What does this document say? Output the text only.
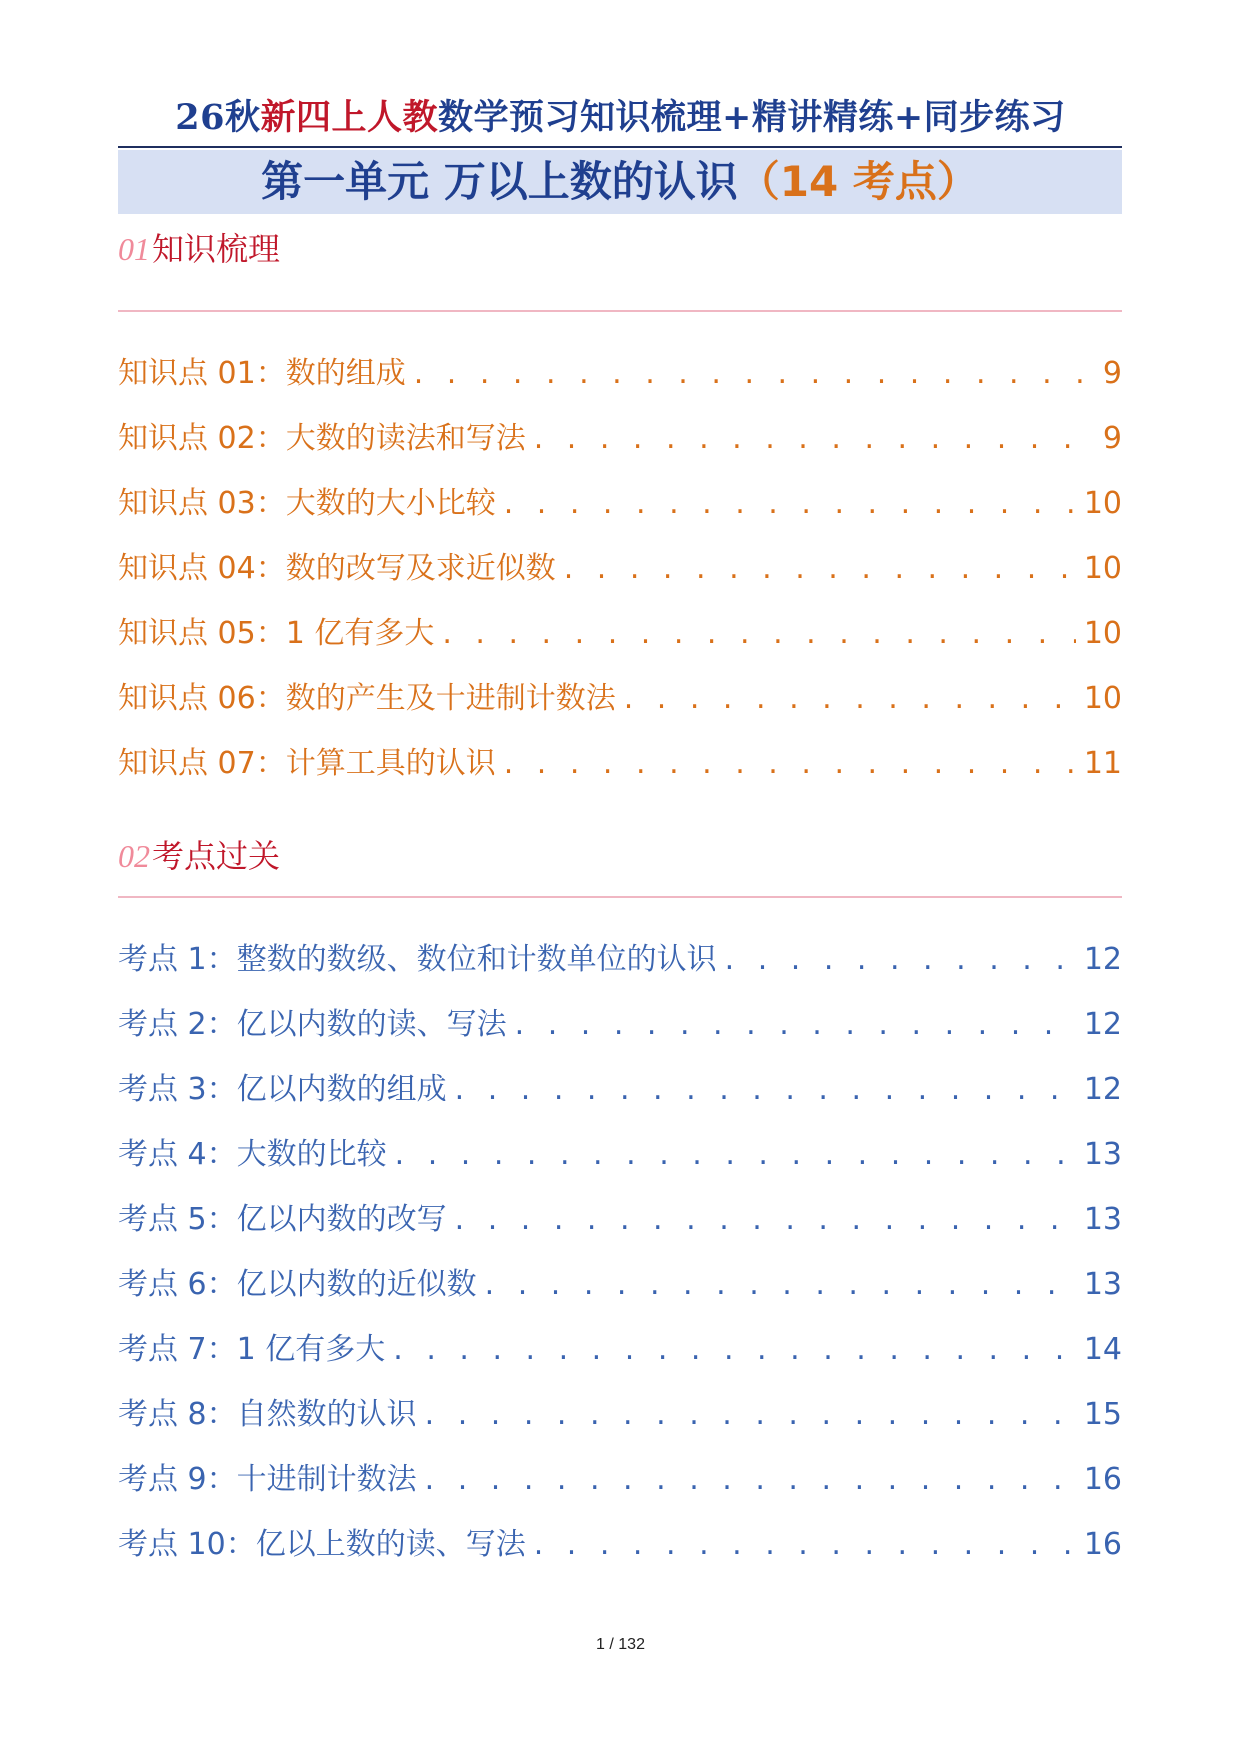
26秋新四上人教数学预习知识梳理+精讲精练+同步练习
第一单元 万以上数的认识（14 考点）
01知识梳理
知识点 01：数的组成 . . .	9
知识点 02：大数的读法和写法 . . .	9
知识点 03：大数的大小比较 . . .	10
知识点 04：数的改写及求近似数 . . .	10
知识点 05：1 亿有多大 . . .	10
知识点 06：数的产生及十进制计数法 . . .	10
知识点 07：计算工具的认识 . . .	11
02考点过关
考点 1：整数的数级、数位和计数单位的认识 . . .	12
考点 2：亿以内数的读、写法 . . .	12
考点 3：亿以内数的组成 . . .	12
考点 4：大数的比较 . . .	13
考点 5：亿以内数的改写 . . .	13
考点 6：亿以内数的近似数 . . .	13
考点 7：1 亿有多大 . . .	14
考点 8：自然数的认识 . . .	15
考点 9：十进制计数法 . . .	16
考点 10：亿以上数的读、写法 . . .	16
1 / 132
